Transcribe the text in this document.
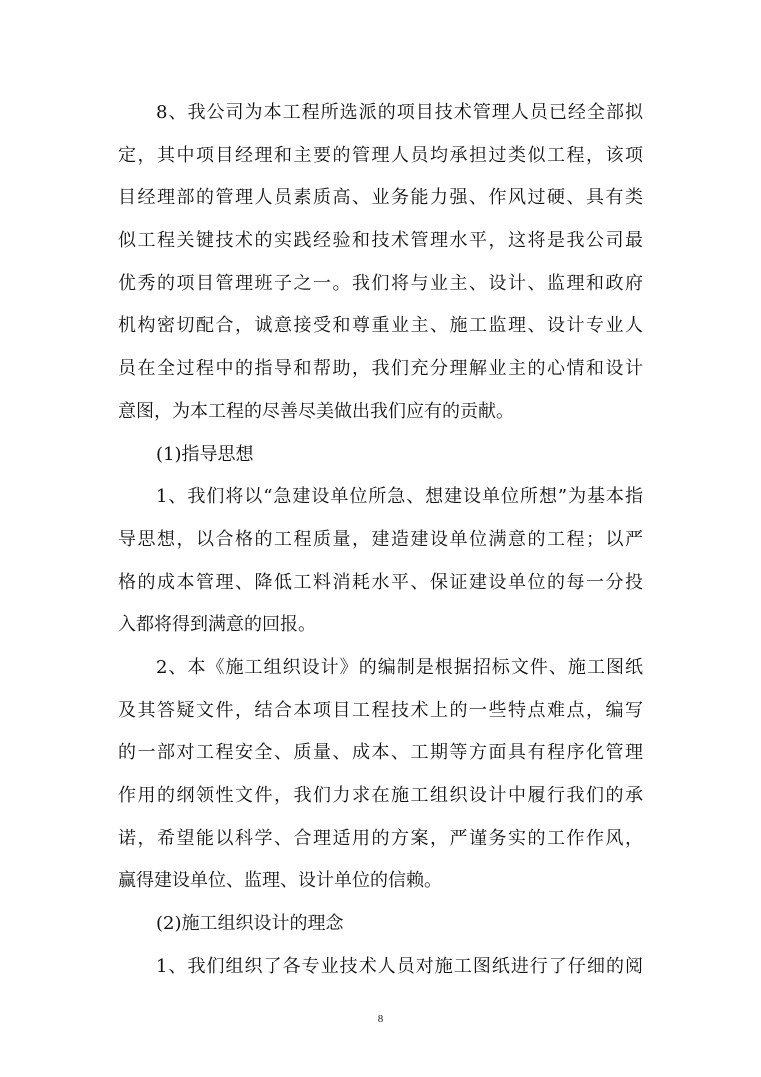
8、我公司为本工程所选派的项目技术管理人员已经全部拟
定，其中项目经理和主要的管理人员均承担过类似工程，该项
目经理部的管理人员素质高、业务能力强、作风过硬、具有类
似工程关键技术的实践经验和技术管理水平，这将是我公司最
优秀的项目管理班子之一。我们将与业主、设计、监理和政府
机构密切配合，诚意接受和尊重业主、施工监理、设计专业人
员在全过程中的指导和帮助，我们充分理解业主的心情和设计
意图，为本工程的尽善尽美做出我们应有的贡献。
(1)指导思想
1、我们将以“急建设单位所急、想建设单位所想”为基本指
导思想，以合格的工程质量，建造建设单位满意的工程；以严
格的成本管理、降低工料消耗水平、保证建设单位的每一分投
入都将得到满意的回报。
2、本《施工组织设计》的编制是根据招标文件、施工图纸
及其答疑文件，结合本项目工程技术上的一些特点难点，编写
的一部对工程安全、质量、成本、工期等方面具有程序化管理
作用的纲领性文件，我们力求在施工组织设计中履行我们的承
诺，希望能以科学、合理适用的方案，严谨务实的工作作风，
赢得建设单位、监理、设计单位的信赖。
(2)施工组织设计的理念
1、我们组织了各专业技术人员对施工图纸进行了仔细的阅
8
